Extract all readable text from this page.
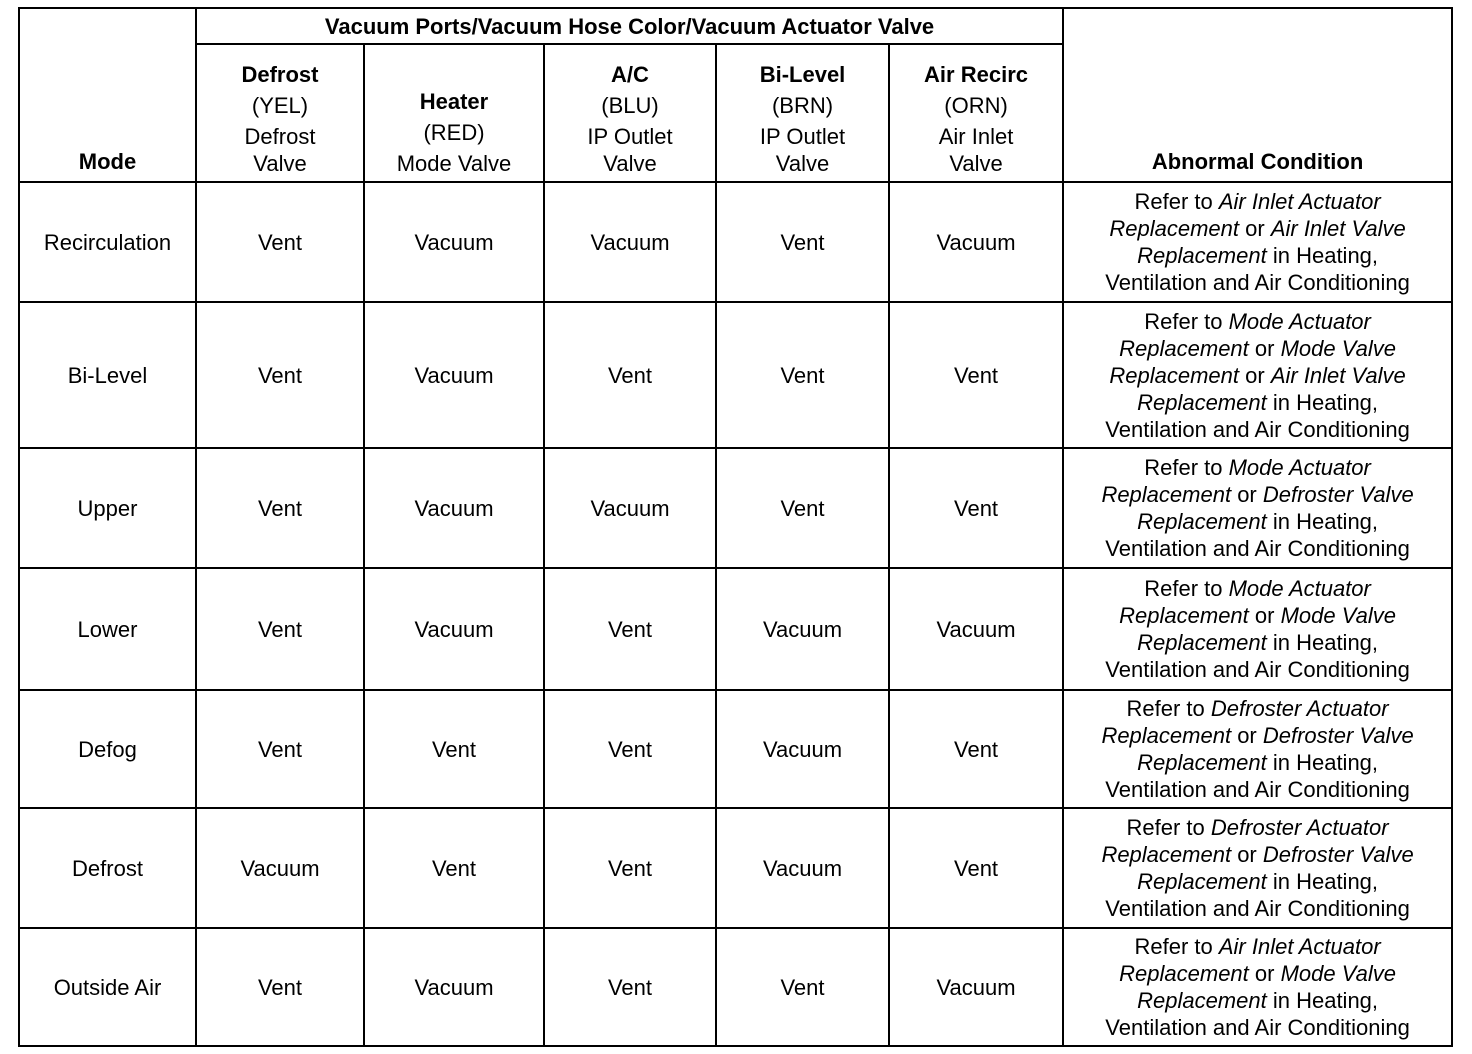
Mode	Vacuum Ports/Vacuum Hose Color/Vacuum Actuator Valve					Abnormal Condition

	Defrost
(YEL)
Defrost
Valve	Heater
(RED)
Mode Valve	A/C
(BLU)
IP Outlet
Valve	Bi-Level
(BRN)
IP Outlet
Valve	Air Recirc
(ORN)
Air Inlet
Valve	

Recirculation	Vent	Vacuum	Vacuum	Vent	Vacuum	Refer to Air Inlet Actuator
Replacement or Air Inlet Valve
Replacement in Heating,
Ventilation and Air Conditioning

Bi-Level	Vent	Vacuum	Vent	Vent	Vent	Refer to Mode Actuator
Replacement or Mode Valve
Replacement or Air Inlet Valve
Replacement in Heating,
Ventilation and Air Conditioning

Upper	Vent	Vacuum	Vacuum	Vent	Vent	Refer to Mode Actuator
Replacement or Defroster Valve
Replacement in Heating,
Ventilation and Air Conditioning

Lower	Vent	Vacuum	Vent	Vacuum	Vacuum	Refer to Mode Actuator
Replacement or Mode Valve
Replacement in Heating,
Ventilation and Air Conditioning

Defog	Vent	Vent	Vent	Vacuum	Vent	Refer to Defroster Actuator
Replacement or Defroster Valve
Replacement in Heating,
Ventilation and Air Conditioning

Defrost	Vacuum	Vent	Vent	Vacuum	Vent	Refer to Defroster Actuator
Replacement or Defroster Valve
Replacement in Heating,
Ventilation and Air Conditioning

Outside Air	Vent	Vacuum	Vent	Vent	Vacuum	Refer to Air Inlet Actuator
Replacement or Mode Valve
Replacement in Heating,
Ventilation and Air Conditioning
